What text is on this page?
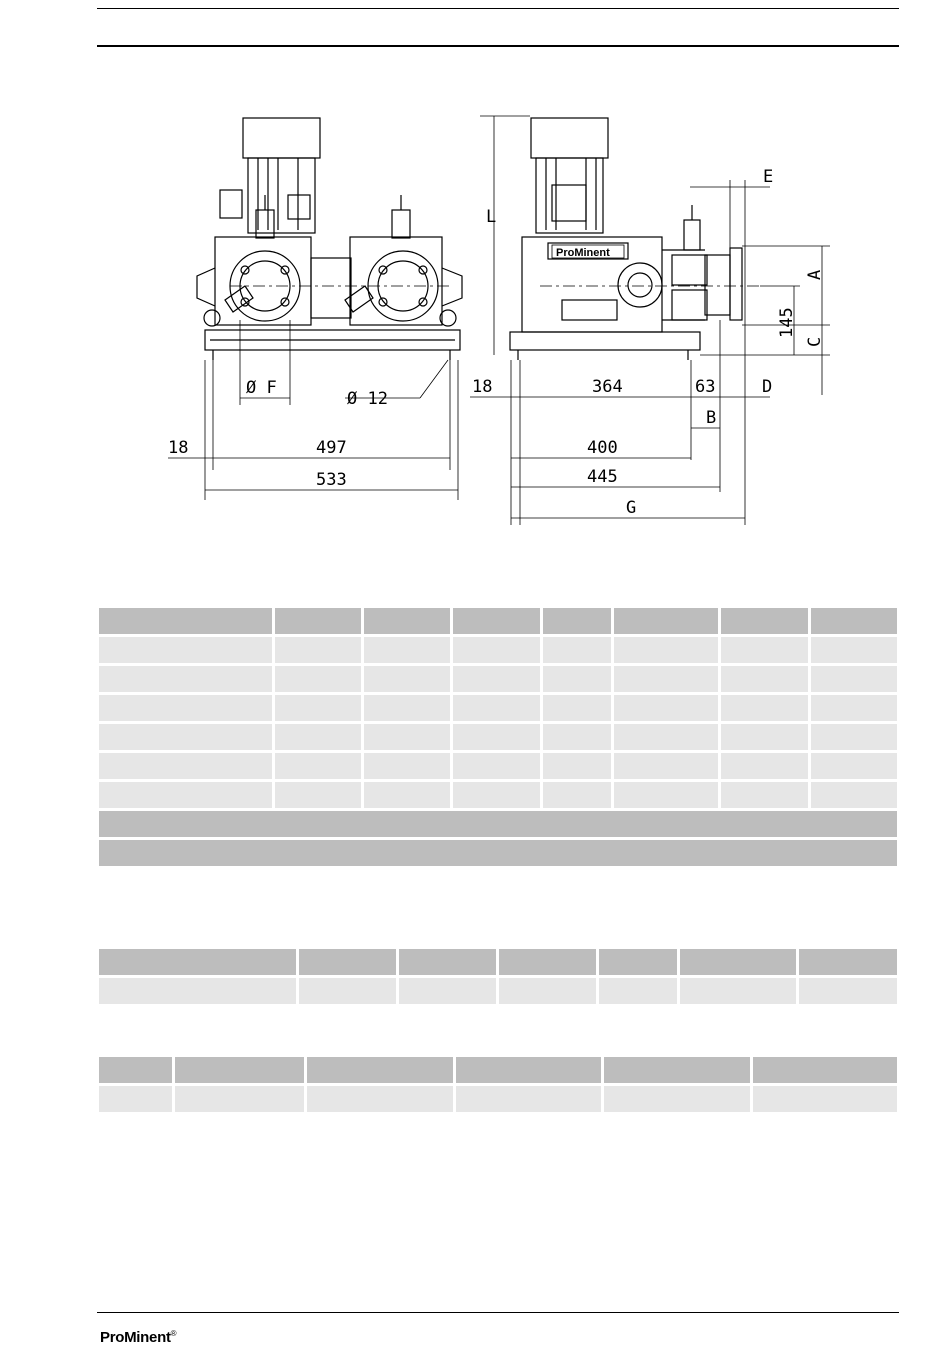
ProMinent
18	497
533
Ø F
Ø 12
18	364	63	D
B
400
445
G
E
L
A
145
C

ProMinent®
